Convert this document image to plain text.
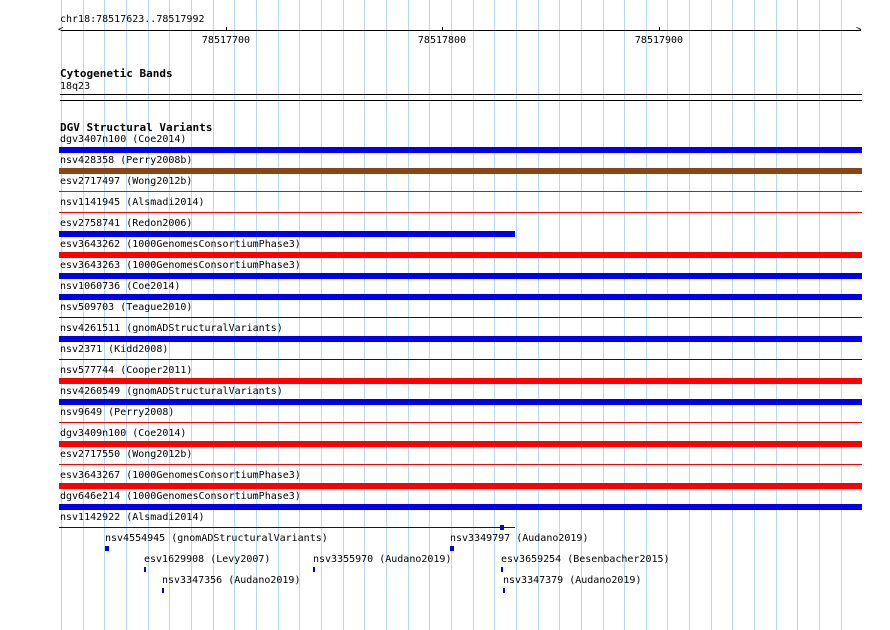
chr18:78517623..78517992
<	>
78517700	78517800	78517900
Cytogenetic Bands
18q23
DGV Structural Variants
dgv3407n100 (Coe2014)
nsv428358 (Perry2008b)
esv2717497 (Wong2012b)
nsv1141945 (Alsmadi2014)
esv2758741 (Redon2006)
esv3643262 (1000GenomesConsortiumPhase3)
esv3643263 (1000GenomesConsortiumPhase3)
nsv1060736 (Coe2014)
nsv509703 (Teague2010)
nsv4261511 (gnomADStructuralVariants)
nsv2371 (Kidd2008)
nsv577744 (Cooper2011)
nsv4260549 (gnomADStructuralVariants)
nsv9649 (Perry2008)
dgv3409n100 (Coe2014)
esv2717550 (Wong2012b)
esv3643267 (1000GenomesConsortiumPhase3)
dgv646e214 (1000GenomesConsortiumPhase3)
nsv1142922 (Alsmadi2014)
nsv4554945 (gnomADStructuralVariants)	nsv3349797 (Audano2019)
esv1629908 (Levy2007)	nsv3355970 (Audano2019)	esv3659254 (Besenbacher2015)
nsv3347356 (Audano2019)	nsv3347379 (Audano2019)
